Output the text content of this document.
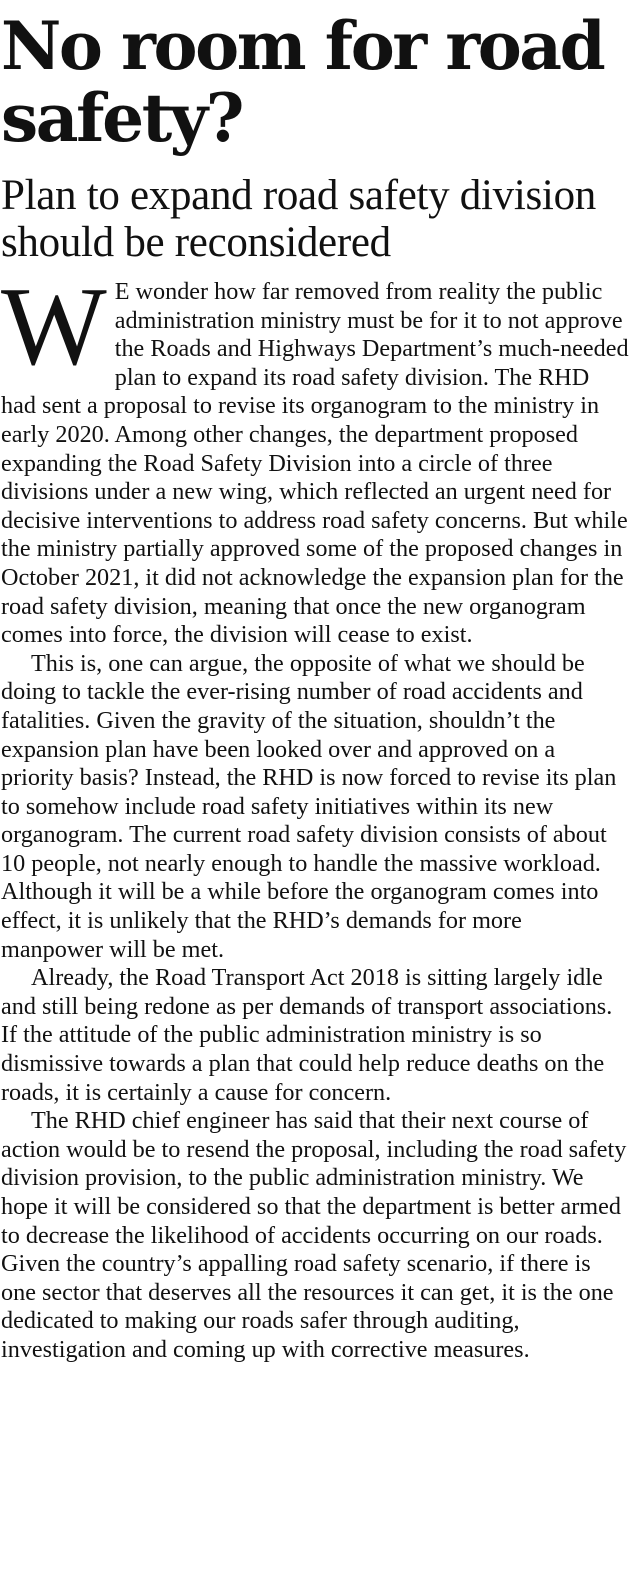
No room for road safety?
Plan to expand road safety division should be reconsidered

W E wonder how far removed from reality the public administration ministry must be for it to not approve the Roads and Highways Department’s much-needed plan to expand its road safety division. The RHD had sent a proposal to revise its organogram to the ministry in early 2020. Among other changes, the department proposed expanding the Road Safety Division into a circle of three divisions under a new wing, which reflected an urgent need for decisive interventions to address road safety concerns. But while the ministry partially approved some of the proposed changes in October 2021, it did not acknowledge the expansion plan for the road safety division, meaning that once the new organogram comes into force, the division will cease to exist.

This is, one can argue, the opposite of what we should be doing to tackle the ever-rising number of road accidents and fatalities. Given the gravity of the situation, shouldn’t the expansion plan have been looked over and approved on a priority basis? Instead, the RHD is now forced to revise its plan to somehow include road safety initiatives within its new organogram. The current road safety division consists of about 10 people, not nearly enough to handle the massive workload. Although it will be a while before the organogram comes into effect, it is unlikely that the RHD’s demands for more manpower will be met.

Already, the Road Transport Act 2018 is sitting largely idle and still being redone as per demands of transport associations. If the attitude of the public administration ministry is so dismissive towards a plan that could help reduce deaths on the roads, it is certainly a cause for concern.

The RHD chief engineer has said that their next course of action would be to resend the proposal, including the road safety division provision, to the public administration ministry. We hope it will be considered so that the department is better armed to decrease the likelihood of accidents occurring on our roads. Given the country’s appalling road safety scenario, if there is one sector that deserves all the resources it can get, it is the one dedicated to making our roads safer through auditing, investigation and coming up with corrective measures.
